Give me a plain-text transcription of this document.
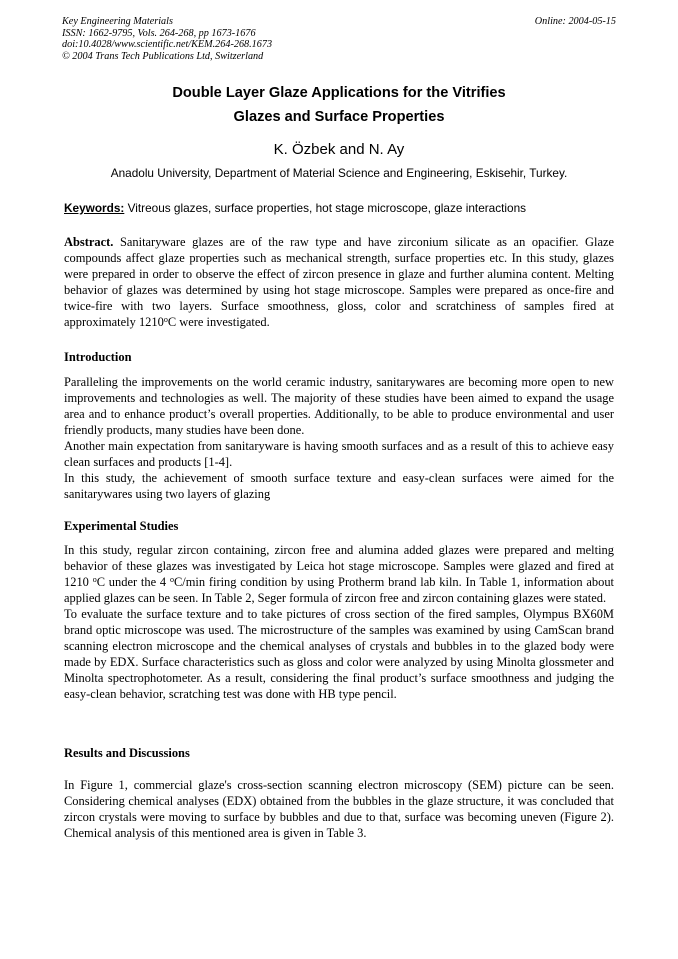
Key Engineering Materials
ISSN: 1662-9795, Vols. 264-268, pp 1673-1676
doi:10.4028/www.scientific.net/KEM.264-268.1673
© 2004 Trans Tech Publications Ltd, Switzerland
Online: 2004-05-15
Double Layer Glaze Applications for the Vitrifies
Glazes and Surface Properties
K. Özbek and N. Ay
Anadolu University, Department of Material Science and Engineering, Eskisehir, Turkey.
Keywords: Vitreous glazes, surface properties, hot stage microscope, glaze interactions
Abstract. Sanitaryware glazes are of the raw type and have zirconium silicate as an opacifier. Glaze compounds affect glaze properties such as mechanical strength, surface properties etc. In this study, glazes were prepared in order to observe the effect of zircon presence in glaze and further alumina content. Melting behavior of glazes was determined by using hot stage microscope. Samples were prepared as once-fire and twice-fire with two layers. Surface smoothness, gloss, color and scratchiness of samples fired at approximately 1210$^o$C were investigated.
Introduction
Paralleling the improvements on the world ceramic industry, sanitarywares are becoming more open to new improvements and technologies as well. The majority of these studies have been aimed to expand the usage area and to enhance product’s overall properties. Additionally, to be able to produce environmental and user friendly products, many studies have been done.
Another main expectation from sanitaryware is having smooth surfaces and as a result of this to achieve easy clean surfaces and products [1-4].
In this study, the achievement of smooth surface texture and easy-clean surfaces were aimed for the sanitarywares using two layers of glazing
Experimental Studies
In this study, regular zircon containing, zircon free and alumina added glazes were prepared and melting behavior of these glazes was investigated by Leica hot stage microscope. Samples were glazed and fired at 1210 $^o$C under the 4 $^o$C/min firing condition by using Protherm brand lab kiln. In Table 1, information about applied glazes can be seen. In Table 2, Seger formula of zircon free and zircon containing glazes were stated.
To evaluate the surface texture and to take pictures of cross section of the fired samples, Olympus BX60M brand optic microscope was used. The microstructure of the samples was examined by using CamScan brand scanning electron microscope and the chemical analyses of crystals and bubbles in to the glazed body were made by EDX. Surface characteristics such as gloss and color were analyzed by using Minolta glossmeter and Minolta spectrophotometer. As a result, considering the final product’s surface smoothness and judging the easy-clean behavior, scratching test was done with HB type pencil.
Results and Discussions
In Figure 1, commercial glaze's cross-section scanning electron microscopy (SEM) picture can be seen. Considering chemical analyses (EDX) obtained from the bubbles in the glaze structure, it was concluded that zircon crystals were moving to surface by bubbles and due to that, surface was becoming uneven (Figure 2). Chemical analysis of this mentioned area is given in Table 3.
